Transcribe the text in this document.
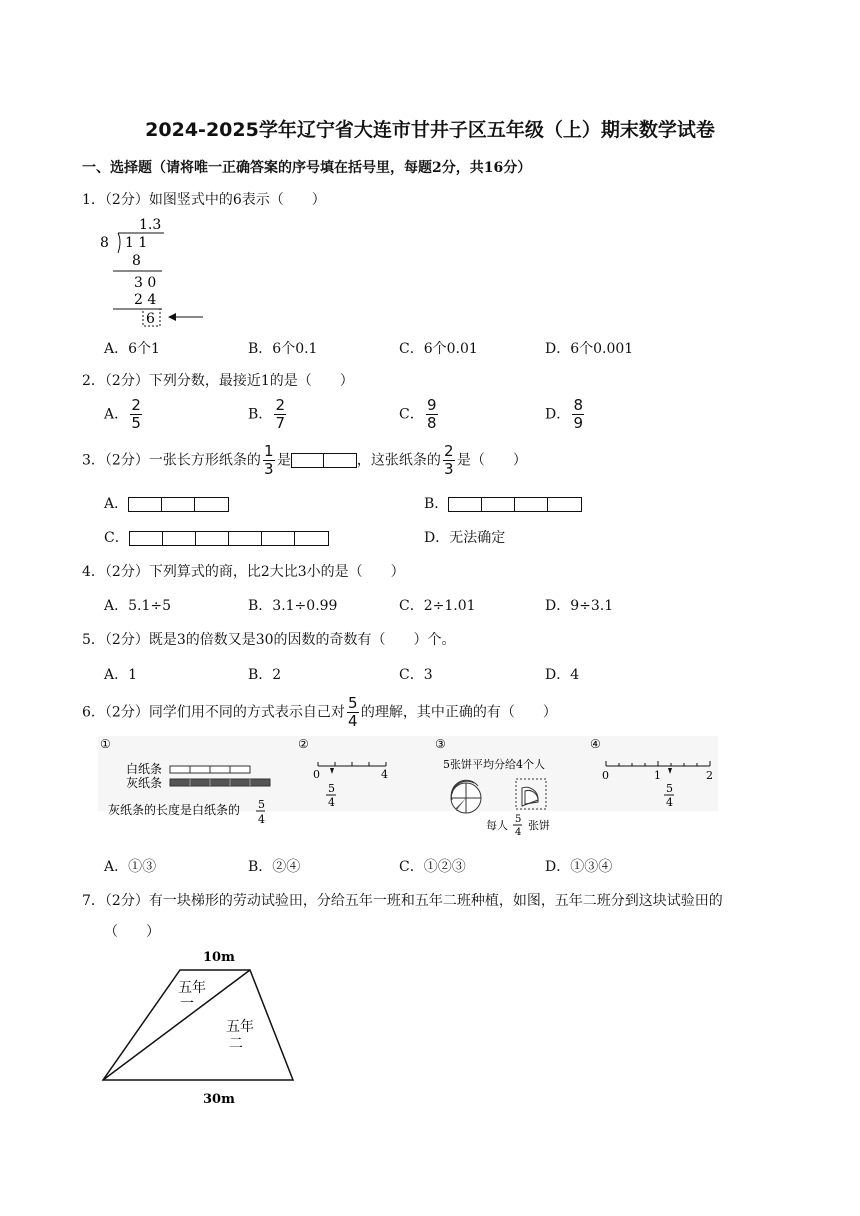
2024-2025学年辽宁省大连市甘井子区五年级（上）期末数学试卷
一、选择题（请将唯一正确答案的序号填在括号里，每题2分，共16分）
1．（2分）如图竖式中的6表示（　　）
1.3
8 1 1
8
3 0
2 4
6
A．6个1	B．6个0.1	C．6个0.01	D．6个0.001
2．（2分）下列分数，最接近1的是（　　）
A． $\frac{2}{5}$	B． $\frac{2}{7}$	C． $\frac{9}{8}$	D． $\frac{8}{9}$
3．（2分）一张长方形纸条的 $\frac{1}{3}$ 是	，这张纸条的 $\frac{2}{3}$ 是（　　）
A．	B．
C．	D．无法确定
4．（2分）下列算式的商，比2大比3小的是（　　）
A．5.1÷5	B．3.1÷0.99	C．2÷1.01	D．9÷3.1
5．（2分）既是3的倍数又是30的因数的奇数有（　　）个。
A．1	B．2	C．3	D．4
6．（2分）同学们用不同的方式表示自己对 $\frac{5}{4}$ 的理解，其中正确的有（　　）
①
白纸条
灰纸条
灰纸条的长度是白纸条的 5
4
②
0	4
5
4
③
5张饼平均分给4个人
每人 5
4
张饼
④
0	1	2
5
4
A．①③	B．②④	C．①②③	D．①③④
7．（2分）有一块梯形的劳动试验田，分给五年一班和五年二班种植，如图，五年二班分到这块试验田的
（　　）
10m
30m
五年
一
五年
二
